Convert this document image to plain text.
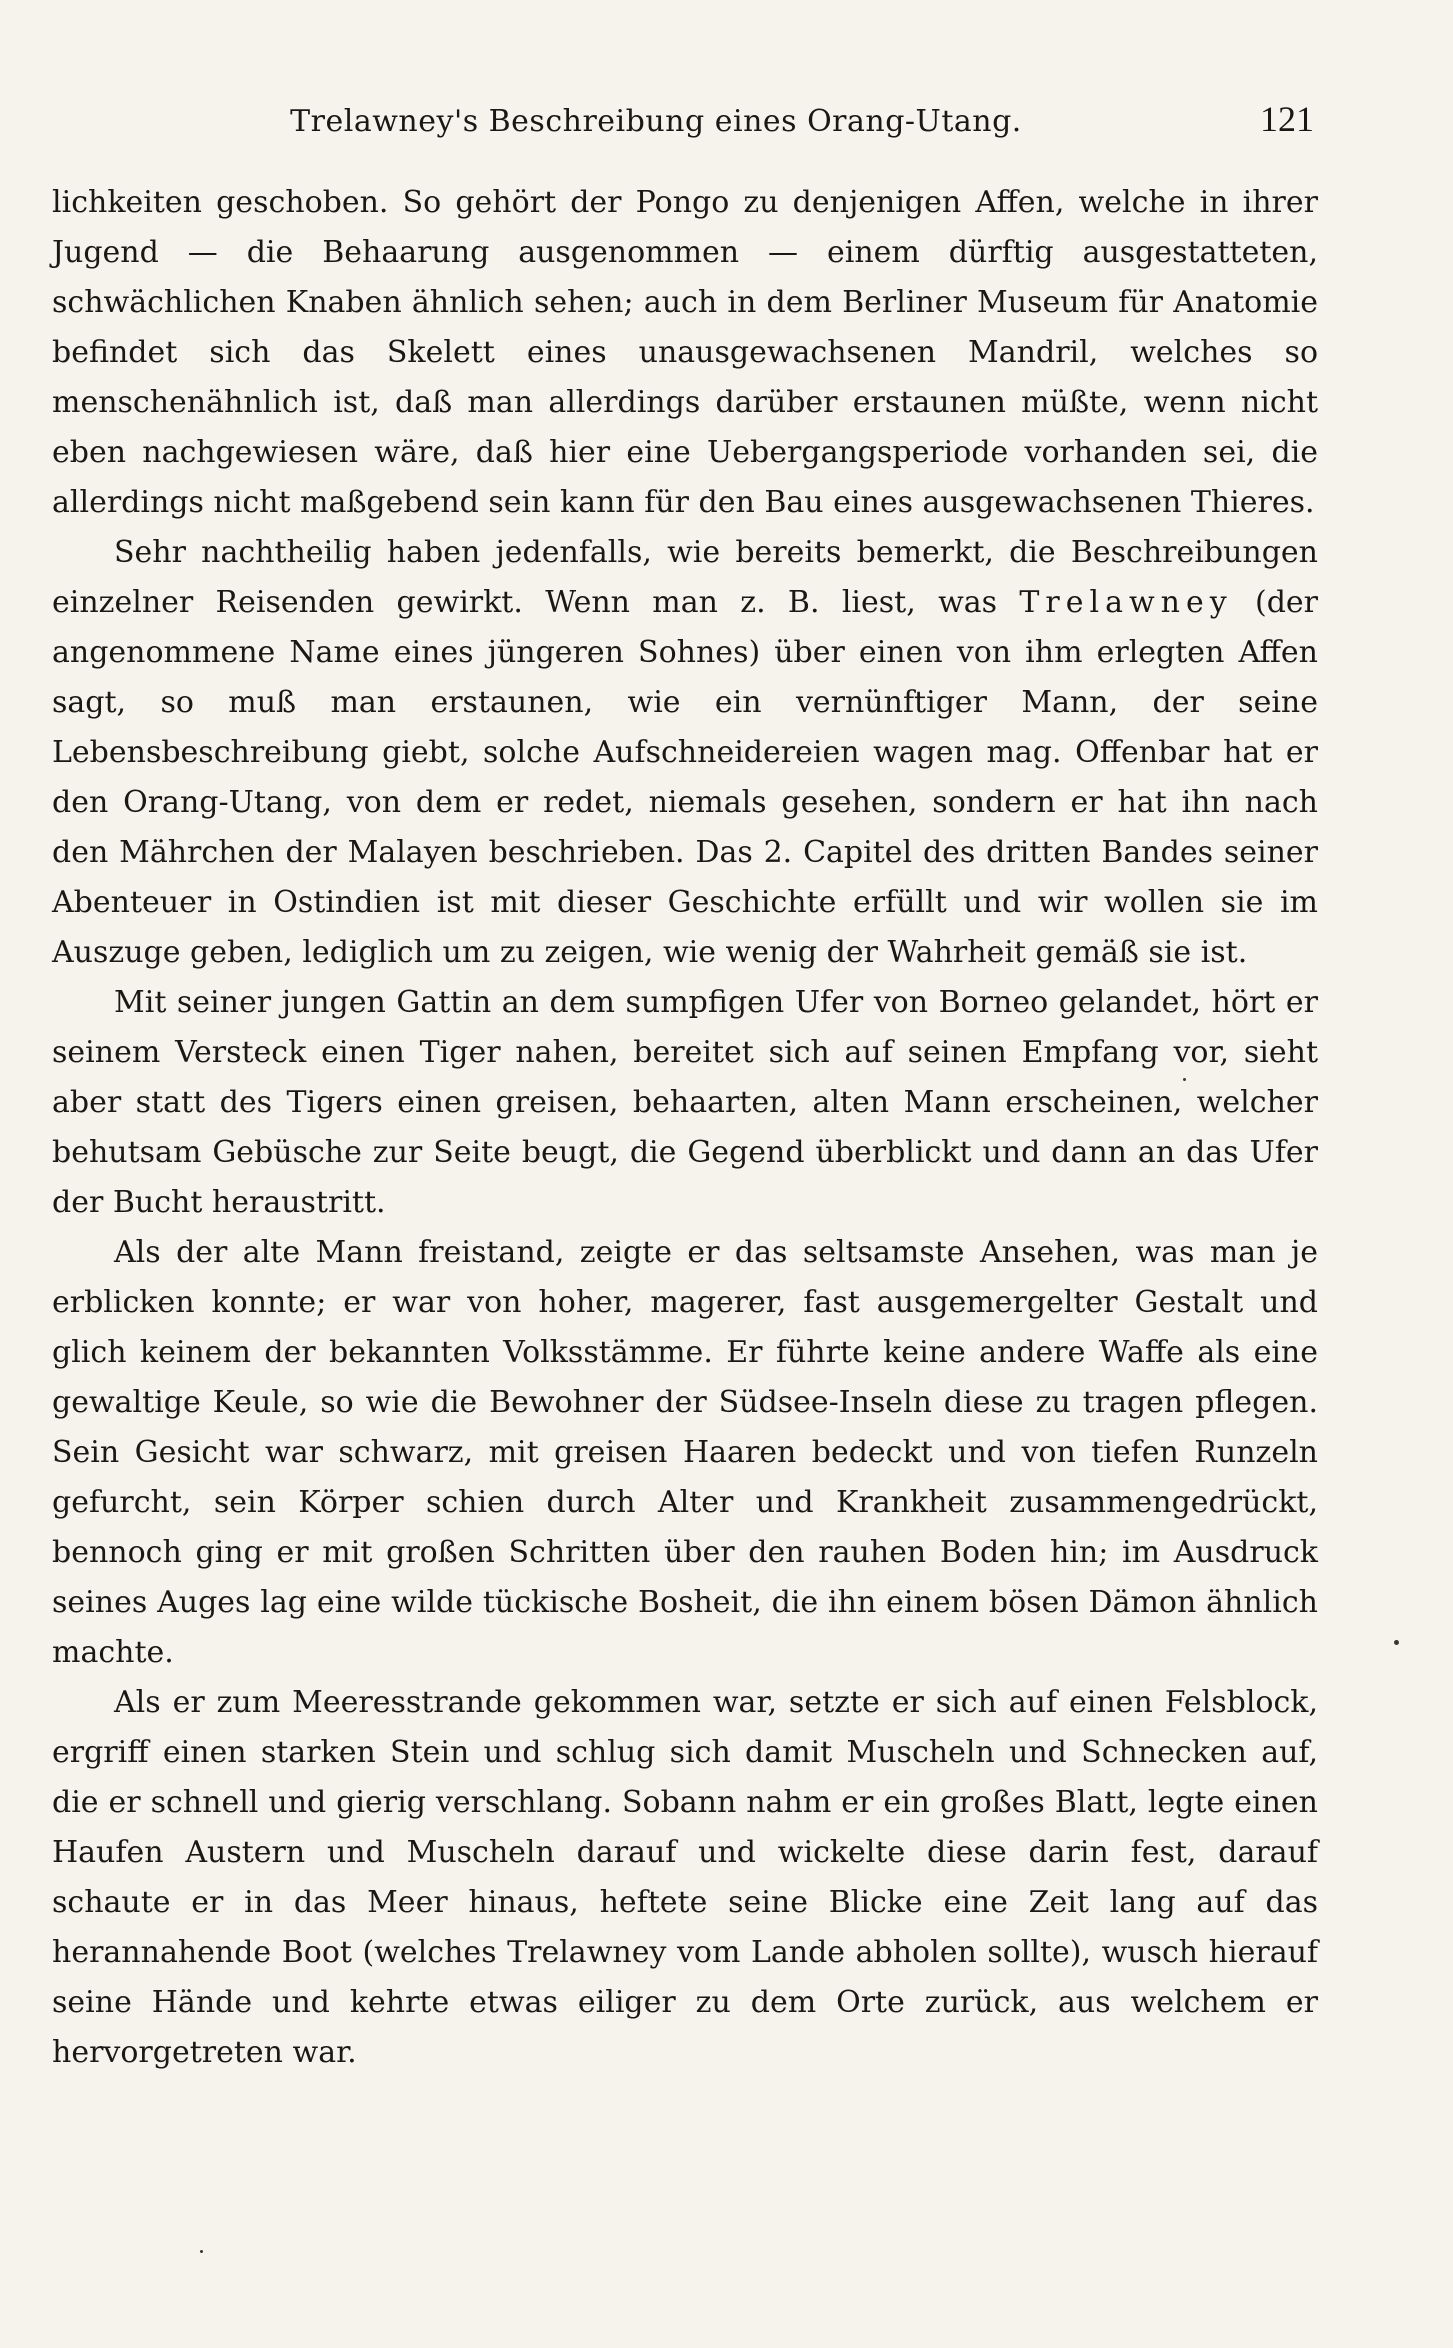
Trelawney's Beschreibung eines Orang-Utang.	121

lichkeiten geschoben. So gehört der Pongo zu denjenigen Affen, welche in ihrer Jugend — die Behaarung ausgenommen — einem dürftig ausgestatteten, schwächlichen Knaben ähnlich sehen; auch in dem Berliner Museum für Anatomie befindet sich das Skelett eines unausgewachsenen Mandril, welches so menschenähnlich ist, daß man allerdings darüber erstaunen müßte, wenn nicht eben nachgewiesen wäre, daß hier eine Uebergangsperiode vorhanden sei, die allerdings nicht maßgebend sein kann für den Bau eines ausgewachsenen Thieres.

Sehr nachtheilig haben jedenfalls, wie bereits bemerkt, die Beschreibungen einzelner Reisenden gewirkt. Wenn man z. B. liest, was Trelawney (der angenommene Name eines jüngeren Sohnes) über einen von ihm erlegten Affen sagt, so muß man erstaunen, wie ein vernünftiger Mann, der seine Lebensbeschreibung giebt, solche Aufschneidereien wagen mag. Offenbar hat er den Orang-Utang, von dem er redet, niemals gesehen, sondern er hat ihn nach den Mährchen der Malayen beschrieben. Das 2. Capitel des dritten Bandes seiner Abenteuer in Ostindien ist mit dieser Geschichte erfüllt und wir wollen sie im Auszuge geben, lediglich um zu zeigen, wie wenig der Wahrheit gemäß sie ist.

Mit seiner jungen Gattin an dem sumpfigen Ufer von Borneo gelandet, hört er seinem Versteck einen Tiger nahen, bereitet sich auf seinen Empfang vor, sieht aber statt des Tigers einen greisen, behaarten, alten Mann erscheinen, welcher behutsam Gebüsche zur Seite beugt, die Gegend überblickt und dann an das Ufer der Bucht heraustritt.

Als der alte Mann freistand, zeigte er das seltsamste Ansehen, was man je erblicken konnte; er war von hoher, magerer, fast ausgemergelter Gestalt und glich keinem der bekannten Volksstämme. Er führte keine andere Waffe als eine gewaltige Keule, so wie die Bewohner der Südsee-Inseln diese zu tragen pflegen. Sein Gesicht war schwarz, mit greisen Haaren bedeckt und von tiefen Runzeln gefurcht, sein Körper schien durch Alter und Krankheit zusammengedrückt, bennoch ging er mit großen Schritten über den rauhen Boden hin; im Ausdruck seines Auges lag eine wilde tückische Bosheit, die ihn einem bösen Dämon ähnlich machte.

Als er zum Meeresstrande gekommen war, setzte er sich auf einen Felsblock, ergriff einen starken Stein und schlug sich damit Muscheln und Schnecken auf, die er schnell und gierig verschlang. Sobann nahm er ein großes Blatt, legte einen Haufen Austern und Muscheln darauf und wickelte diese darin fest, darauf schaute er in das Meer hinaus, heftete seine Blicke eine Zeit lang auf das herannahende Boot (welches Trelawney vom Lande abholen sollte), wusch hierauf seine Hände und kehrte etwas eiliger zu dem Orte zurück, aus welchem er hervorgetreten war.
